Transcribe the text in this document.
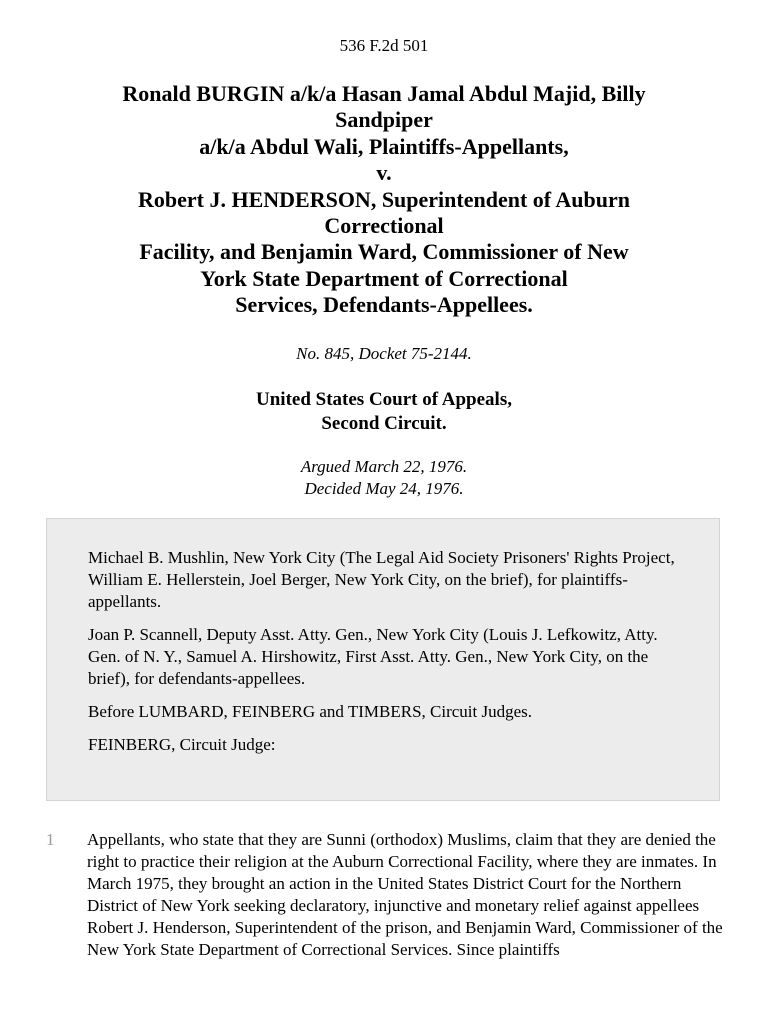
536 F.2d 501
Ronald BURGIN a/k/a Hasan Jamal Abdul Majid, Billy
Sandpiper
a/k/a Abdul Wali, Plaintiffs-Appellants,
v.
Robert J. HENDERSON, Superintendent of Auburn
Correctional
Facility, and Benjamin Ward, Commissioner of New
York State Department of Correctional
Services, Defendants-Appellees.
No. 845, Docket 75-2144.
United States Court of Appeals,
Second Circuit.
Argued March 22, 1976.
Decided May 24, 1976.

Michael B. Mushlin, New York City (The Legal Aid Society Prisoners' Rights Project, William E. Hellerstein, Joel Berger, New York City, on the brief), for plaintiffs-appellants.

Joan P. Scannell, Deputy Asst. Atty. Gen., New York City (Louis J. Lefkowitz, Atty. Gen. of N. Y., Samuel A. Hirshowitz, First Asst. Atty. Gen., New York City, on the brief), for defendants-appellees.

Before LUMBARD, FEINBERG and TIMBERS, Circuit Judges.

FEINBERG, Circuit Judge:

1 Appellants, who state that they are Sunni (orthodox) Muslims, claim that they are denied the right to practice their religion at the Auburn Correctional Facility, where they are inmates. In March 1975, they brought an action in the United States District Court for the Northern District of New York seeking declaratory, injunctive and monetary relief against appellees Robert J. Henderson, Superintendent of the prison, and Benjamin Ward, Commissioner of the New York State Department of Correctional Services. Since plaintiffs
